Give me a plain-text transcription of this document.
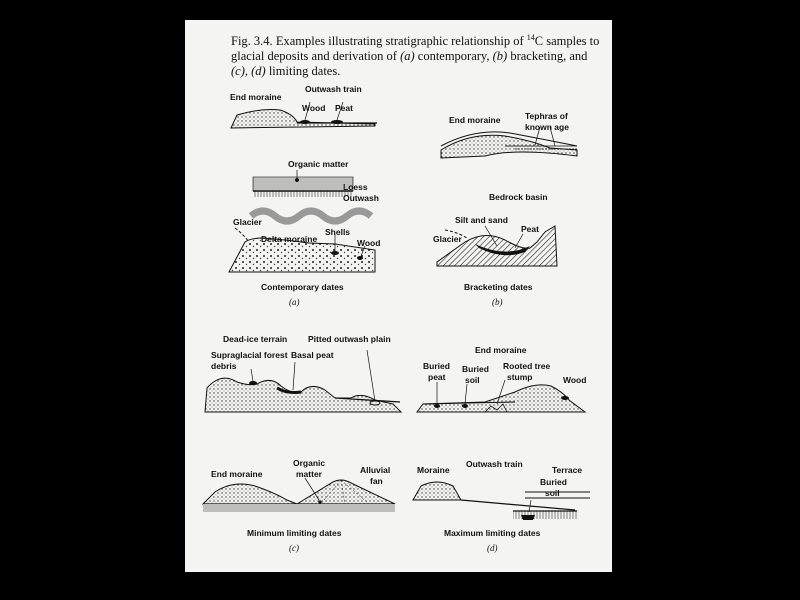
Fig. 3.4. Examples illustrating stratigraphic relationship of $^{14}$C samples to glacial deposits and derivation of (a) contemporary, (b) bracketing, and (c), (d) limiting dates.

End moraine
Outwash train
Wood Peat
Organic matter
Loess
Outwash
Glacier
Delta moraine
Shells
Wood
Contemporary dates
(a)
End moraine	Tephras of
known age
Bedrock basin
Silt and sand
Peat
Glacier
Bracketing dates
(b)
Dead-ice terrain Pitted outwash plain
Supraglacial forest
debris
Basal peat	End moraine
Buried
peat
Buried
soil
Rooted tree
stump	Wood
End moraine
Organic
matter	Alluvial
fan
Minimum limiting dates
(c)
Moraine
Outwash train
Terrace
Buried
soil
Maximum limiting dates
(d)
